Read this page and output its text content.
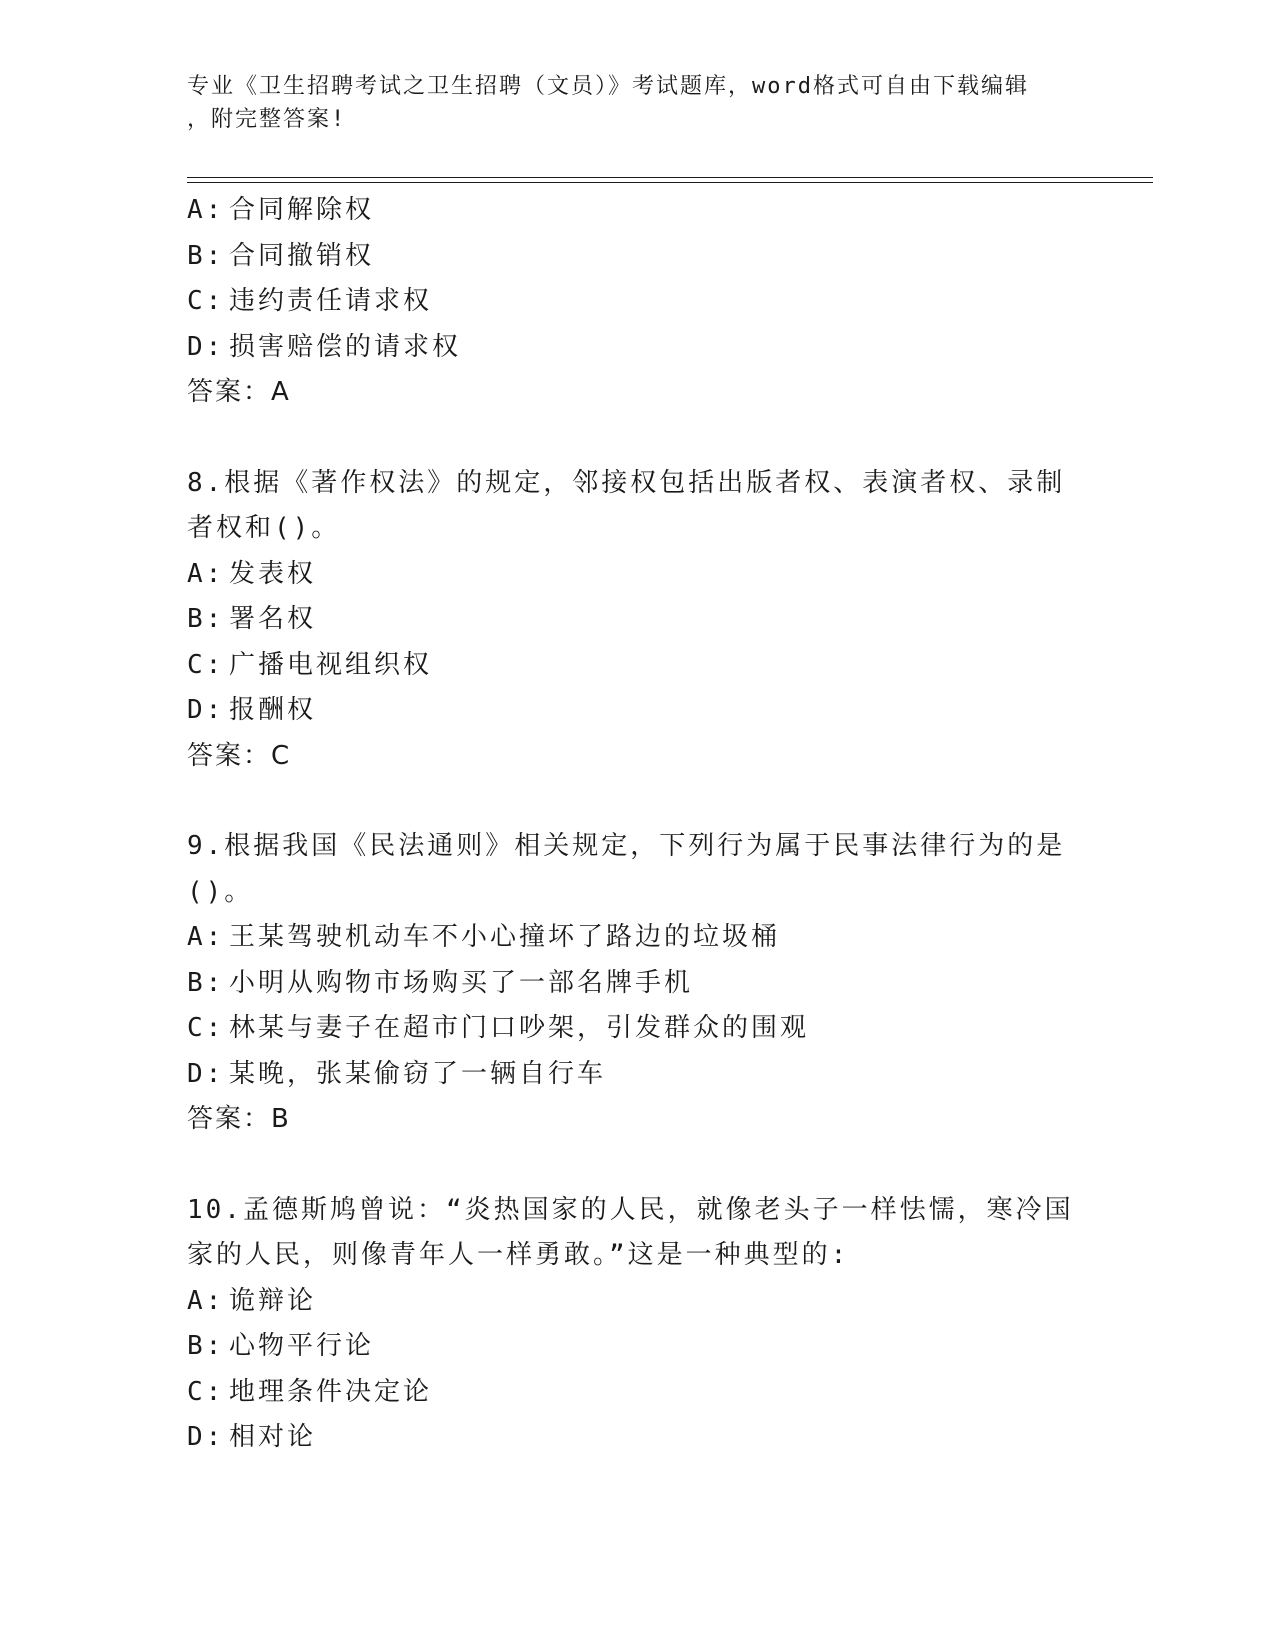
专业《卫生招聘考试之卫生招聘（文员）》考试题库，word格式可自由下载编辑
，附完整答案!
A: 合同解除权
B: 合同撤销权
C: 违约责任请求权
D: 损害赔偿的请求权
答案：A
8.根据《著作权法》的规定，邻接权包括出版者权、表演者权、录制
者权和()。
A: 发表权
B: 署名权
C: 广播电视组织权
D: 报酬权
答案：C
9.根据我国《民法通则》相关规定，下列行为属于民事法律行为的是
()。
A: 王某驾驶机动车不小心撞坏了路边的垃圾桶
B: 小明从购物市场购买了一部名牌手机
C: 林某与妻子在超市门口吵架，引发群众的围观
D: 某晚，张某偷窃了一辆自行车
答案：B
10.孟德斯鸠曾说：“炎热国家的人民，就像老头子一样怯懦，寒冷国
家的人民，则像青年人一样勇敢。”这是一种典型的:
A: 诡辩论
B: 心物平行论
C: 地理条件决定论
D: 相对论
